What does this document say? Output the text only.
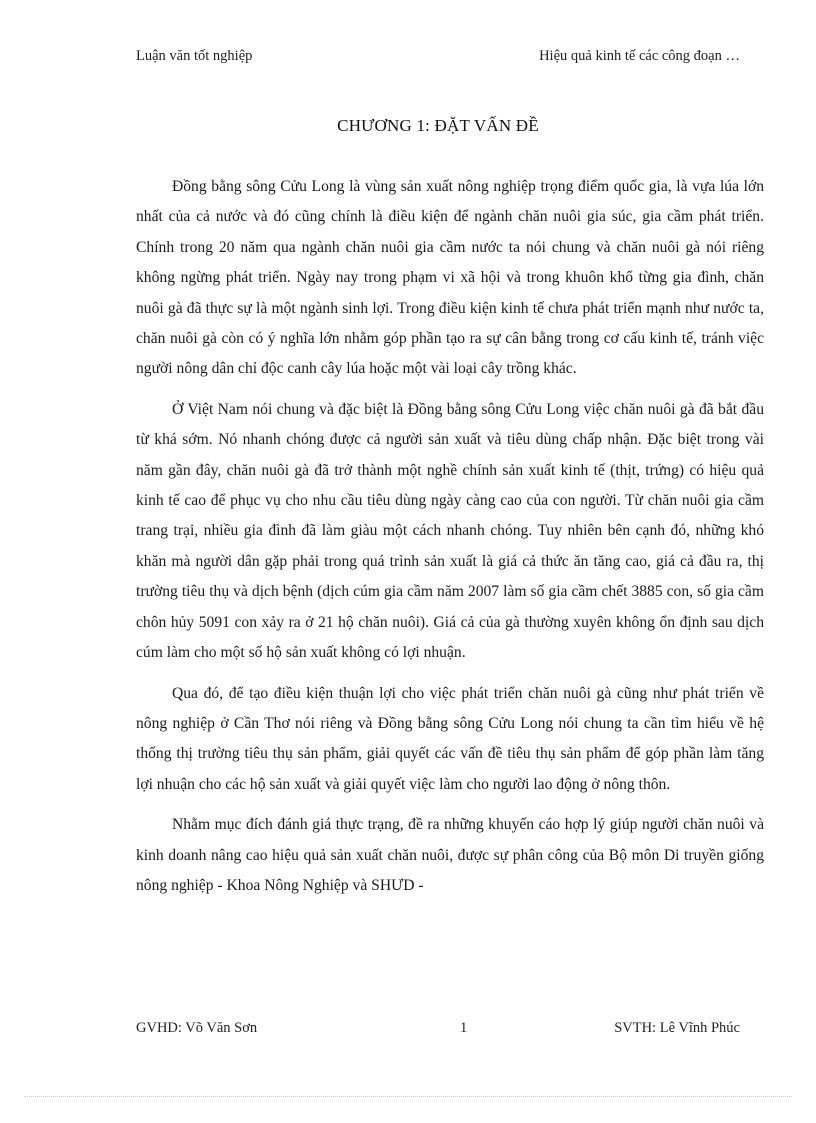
Luận văn tốt nghiệp	Hiệu quả kinh tế các công đoạn …
CHƯƠNG 1: ĐẶT VẤN ĐỀ

Đồng bằng sông Cửu Long là vùng sản xuất nông nghiệp trọng điểm quốc gia, là vựa lúa lớn nhất của cả nước và đó cũng chính là điều kiện để ngành chăn nuôi gia súc, gia cầm phát triển. Chính trong 20 năm qua ngành chăn nuôi gia cầm nước ta nói chung và chăn nuôi gà nói riêng không ngừng phát triển. Ngày nay trong phạm vi xã hội và trong khuôn khổ từng gia đình, chăn nuôi gà đã thực sự là một ngành sinh lợi. Trong điều kiện kinh tế chưa phát triển mạnh như nước ta, chăn nuôi gà còn có ý nghĩa lớn nhằm góp phần tạo ra sự cân bằng trong cơ cấu kinh tế, tránh việc người nông dân chỉ độc canh cây lúa hoặc một vài loại cây trồng khác.

Ở Việt Nam nói chung và đặc biệt là Đồng bằng sông Cửu Long việc chăn nuôi gà đã bắt đầu từ khá sớm. Nó nhanh chóng được cả người sản xuất và tiêu dùng chấp nhận. Đặc biệt trong vài năm gần đây, chăn nuôi gà đã trở thành một nghề chính sản xuất kinh tế (thịt, trứng) có hiệu quả kinh tế cao để phục vụ cho nhu cầu tiêu dùng ngày càng cao của con người. Từ chăn nuôi gia cầm trang trại, nhiều gia đình đã làm giàu một cách nhanh chóng. Tuy nhiên bên cạnh đó, những khó khăn mà người dân gặp phải trong quá trình sản xuất là giá cả thức ăn tăng cao, giá cả đầu ra, thị trường tiêu thụ và dịch bệnh (dịch cúm gia cầm năm 2007 làm số gia cầm chết 3885 con, số gia cầm chôn hủy 5091 con xảy ra ở 21 hộ chăn nuôi). Giá cả của gà thường xuyên không ổn định sau dịch cúm làm cho một số hộ sản xuất không có lợi nhuận.

Qua đó, để tạo điều kiện thuận lợi cho việc phát triển chăn nuôi gà cũng như phát triển về nông nghiệp ở Cần Thơ nói riêng và Đồng bằng sông Cửu Long nói chung ta cần tìm hiểu về hệ thống thị trường tiêu thụ sản phẩm, giải quyết các vấn đề tiêu thụ sản phẩm để góp phần làm tăng lợi nhuận cho các hộ sản xuất và giải quyết việc làm cho người lao động ở nông thôn.

Nhằm mục đích đánh giá thực trạng, đề ra những khuyến cáo hợp lý giúp người chăn nuôi và kinh doanh nâng cao hiệu quả sản xuất chăn nuôi, được sự phân công của Bộ môn Di truyền giống nông nghiệp - Khoa Nông Nghiệp và SHƯD -

GVHD: Võ Văn Sơn	1	SVTH: Lê Vĩnh Phúc
